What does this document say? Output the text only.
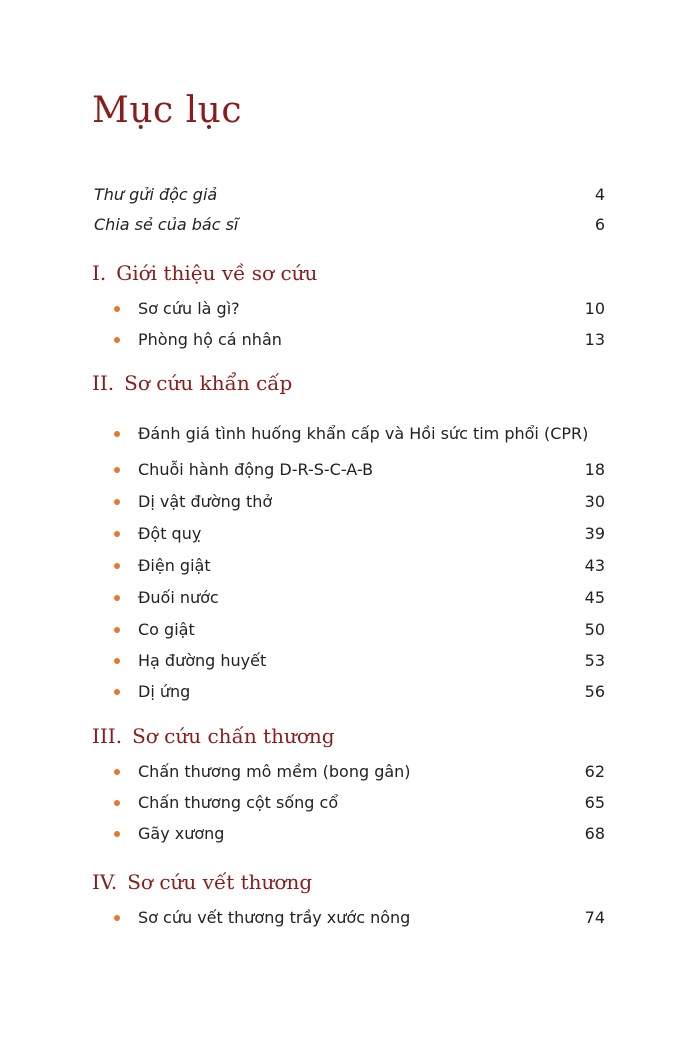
Mục lục
Thư gửi độc giả	4
Chia sẻ của bác sĩ	6
I. Giới thiệu về sơ cứu
Sơ cứu là gì?	10
Phòng hộ cá nhân	13
II. Sơ cứu khẩn cấp
Đánh giá tình huống khẩn cấp và Hồi sức tim phổi (CPR)
Chuỗi hành động D-R-S-C-A-B	18
Dị vật đường thở	30
Đột quỵ	39
Điện giật	43
Đuối nước	45
Co giật	50
Hạ đường huyết	53
Dị ứng	56
III. Sơ cứu chấn thương
Chấn thương mô mềm (bong gân)	62
Chấn thương cột sống cổ	65
Gãy xương	68
IV. Sơ cứu vết thương
Sơ cứu vết thương trầy xước nông	74
